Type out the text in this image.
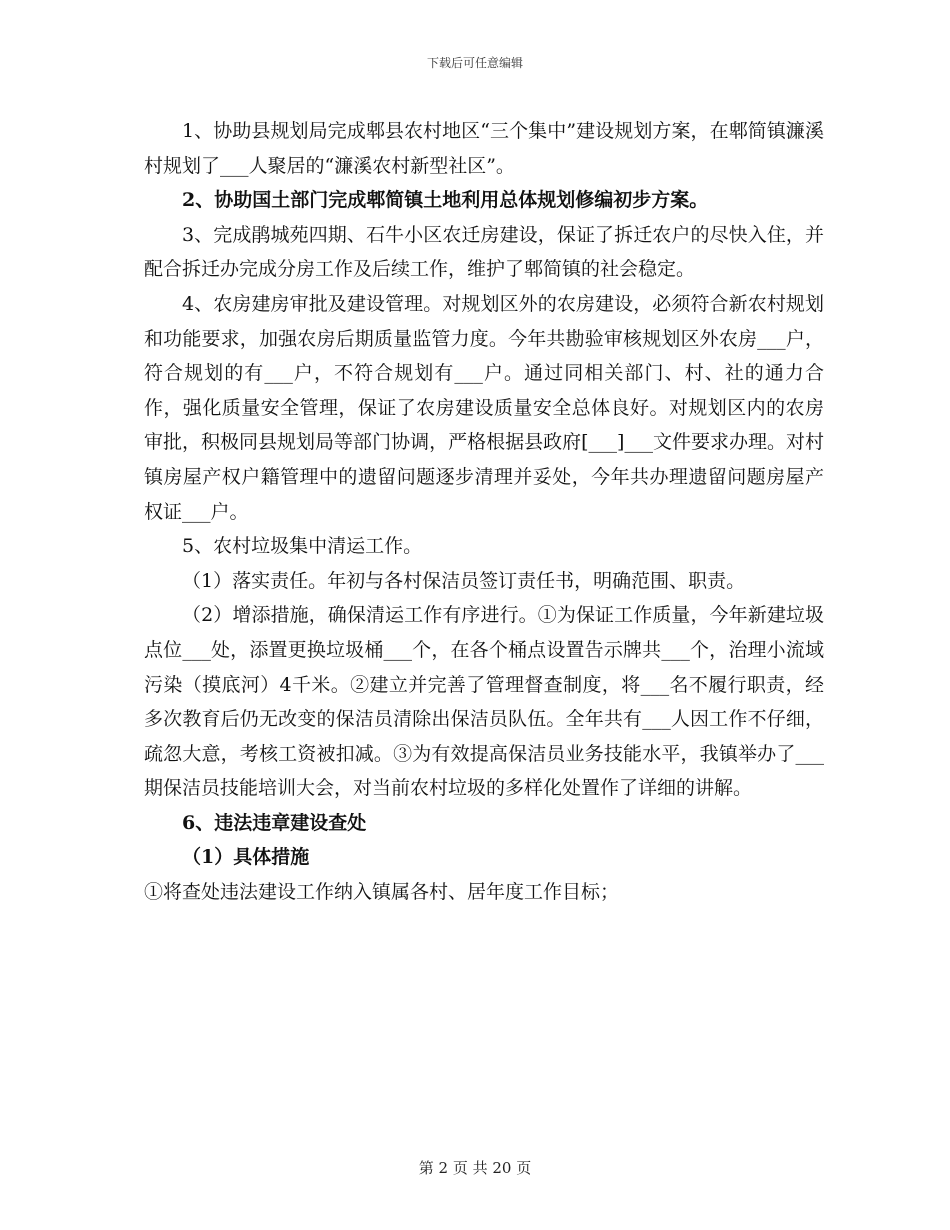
下载后可任意编辑

1、协助县规划局完成郫县农村地区“三个集中”建设规划方案，在郫简镇濂溪村规划了___人聚居的“濂溪农村新型社区”。

2、协助国土部门完成郫简镇土地利用总体规划修编初步方案。

3、完成鹃城苑四期、石牛小区农迁房建设，保证了拆迁农户的尽快入住，并配合拆迁办完成分房工作及后续工作，维护了郫简镇的社会稳定。

4、农房建房审批及建设管理。对规划区外的农房建设，必须符合新农村规划和功能要求，加强农房后期质量监管力度。今年共勘验审核规划区外农房___户，符合规划的有___户，不符合规划有___户。通过同相关部门、村、社的通力合作，强化质量安全管理，保证了农房建设质量安全总体良好。对规划区内的农房审批，积极同县规划局等部门协调，严格根据县政府[___]___文件要求办理。对村镇房屋产权户籍管理中的遗留问题逐步清理并妥处，今年共办理遗留问题房屋产权证___户。

5、农村垃圾集中清运工作。

（1）落实责任。年初与各村保洁员签订责任书，明确范围、职责。

（2）增添措施，确保清运工作有序进行。①为保证工作质量，今年新建垃圾点位___处，添置更换垃圾桶___个，在各个桶点设置告示牌共___个，治理小流域污染（摸底河）4千米。②建立并完善了管理督查制度，将___名不履行职责，经多次教育后仍无改变的保洁员清除出保洁员队伍。全年共有___人因工作不仔细，疏忽大意，考核工资被扣减。③为有效提高保洁员业务技能水平，我镇举办了___期保洁员技能培训大会，对当前农村垃圾的多样化处置作了详细的讲解。

6、违法违章建设查处

（1）具体措施

①将查处违法建设工作纳入镇属各村、居年度工作目标；

第 2 页 共 20 页
